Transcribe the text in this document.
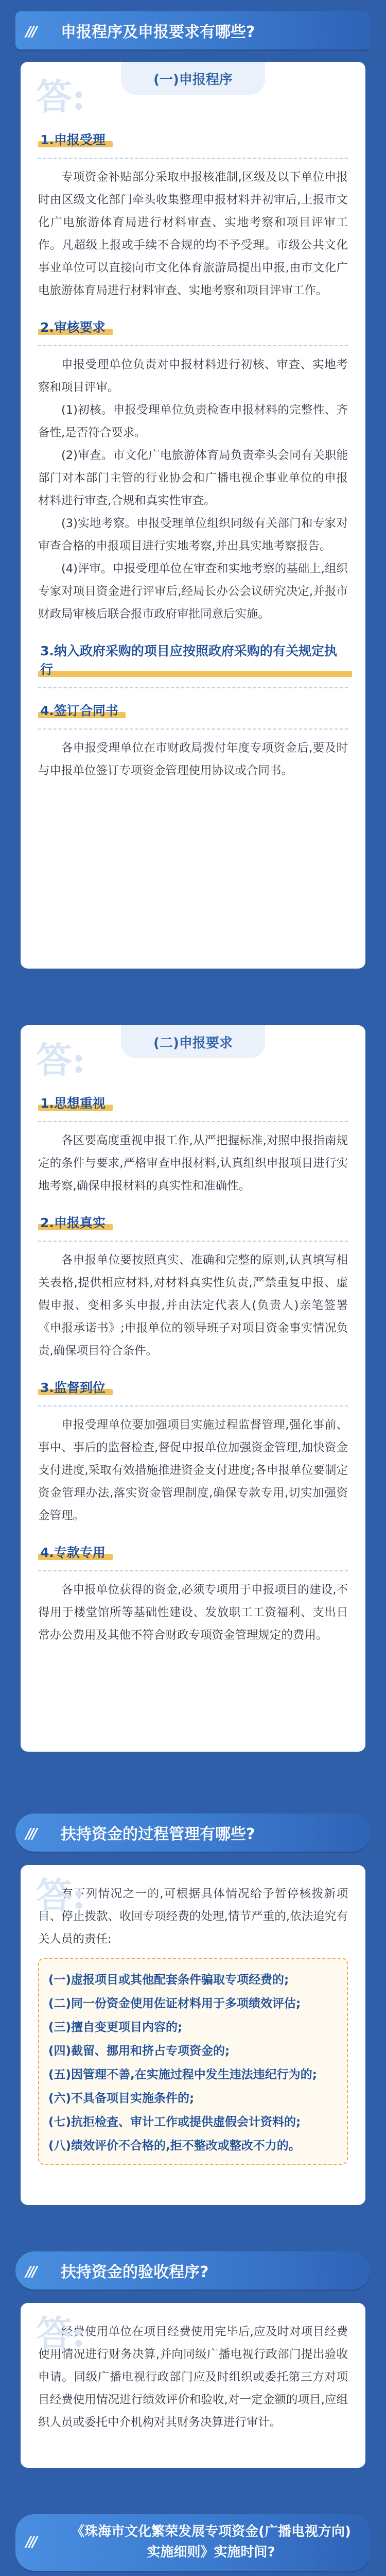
/// 申报程序及申报要求有哪些?
(一)申报程序
答:
1.申报受理

专项资金补贴部分采取申报核准制,区级及以下单位申报时由区级文化部门牵头收集整理申报材料并初审后,上报市文化广电旅游体育局进行材料审查、实地考察和项目评审工作。凡超级上报或手续不合规的均不予受理。市级公共文化事业单位可以直接向市文化体育旅游局提出申报,由市文化广电旅游体育局进行材料审查、实地考察和项目评审工作。

2.审核要求

申报受理单位负责对申报材料进行初核、审查、实地考察和项目评审。

(1)初核。申报受理单位负责检查申报材料的完整性、齐备性,是否符合要求。

(2)审查。市文化广电旅游体育局负责牵头会同有关职能部门对本部门主管的行业协会和广播电视企事业单位的申报材料进行审查,合规和真实性审查。

(3)实地考察。申报受理单位组织同级有关部门和专家对审查合格的申报项目进行实地考察,并出具实地考察报告。

(4)评审。申报受理单位在审查和实地考察的基础上,组织专家对项目资金进行评审后,经局长办公会议研究决定,并报市财政局审核后联合报市政府审批同意后实施。

3.纳入政府采购的项目应按照政府采购的有关规定执行
4.签订合同书

各申报受理单位在市财政局拨付年度专项资金后,要及时与申报单位签订专项资金管理使用协议或合同书。

(二)申报要求
答:
1.思想重视

各区要高度重视申报工作,从严把握标准,对照申报指南规定的条件与要求,严格审查申报材料,认真组织申报项目进行实地考察,确保申报材料的真实性和准确性。

2.申报真实

各申报单位要按照真实、准确和完整的原则,认真填写相关表格,提供相应材料,对材料真实性负责,严禁重复申报、虚假申报、变相多头申报,并由法定代表人(负责人)亲笔签署《申报承诺书》;申报单位的领导班子对项目资金事实情况负责,确保项目符合条件。

3.监督到位

申报受理单位要加强项目实施过程监督管理,强化事前、事中、事后的监督检查,督促申报单位加强资金管理,加快资金支付进度,采取有效措施推进资金支付进度;各申报单位要制定资金管理办法,落实资金管理制度,确保专款专用,切实加强资金管理。

4.专款专用

各申报单位获得的资金,必须专项用于申报项目的建设,不得用于楼堂馆所等基础性建设、发放职工工资福利、支出日常办公费用及其他不符合财政专项资金管理规定的费用。

/// 扶持资金的过程管理有哪些?
答:

有下列情况之一的,可根据具体情况给予暂停核拨新项目、停止拨款、收回专项经费的处理,情节严重的,依法追究有关人员的责任:

(一)虚报项目或其他配套条件骗取专项经费的;
(二)同一份资金使用佐证材料用于多项绩效评估;
(三)擅自变更项目内容的;
(四)截留、挪用和挤占专项资金的;
(五)因管理不善,在实施过程中发生违法违纪行为的;
(六)不具备项目实施条件的;
(七)抗拒检查、审计工作或提供虚假会计资料的;
(八)绩效评价不合格的,拒不整改或整改不力的。
/// 扶持资金的验收程序?
答:

经费使用单位在项目经费使用完毕后,应及时对项目经费使用情况进行财务决算,并向同级广播电视行政部门提出验收申请。同级广播电视行政部门应及时组织或委托第三方对项目经费使用情况进行绩效评价和验收,对一定金额的项目,应组织人员或委托中介机构对其财务决算进行审计。

///
《珠海市文化繁荣发展专项资金(广播电视方向)
实施细则》实施时间?
